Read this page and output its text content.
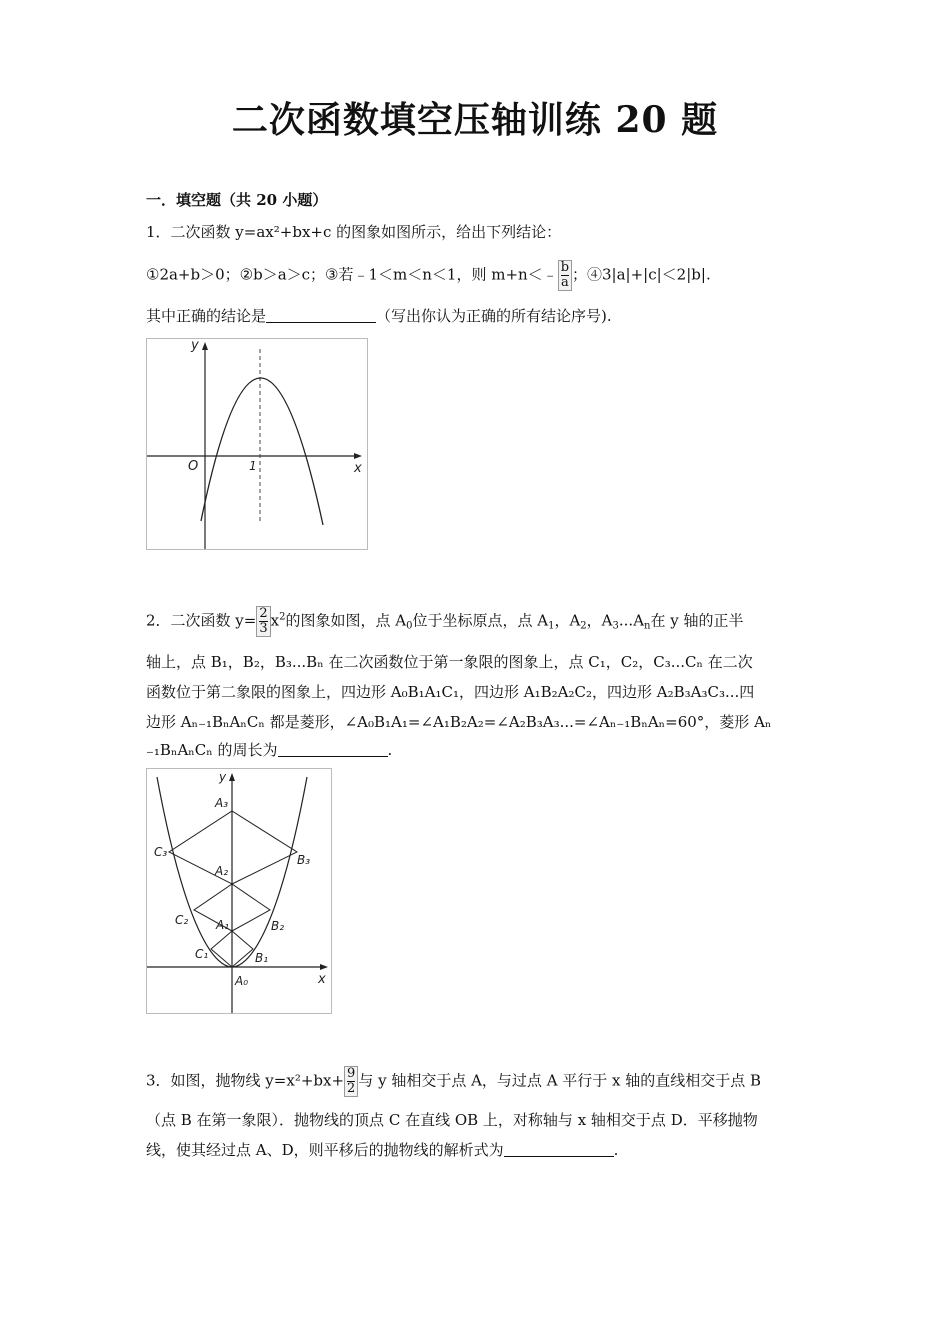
二次函数填空压轴训练 20 题
一．填空题（共 20 小题）
1．二次函数 y=ax²+bx+c 的图象如图所示，给出下列结论：
①2a+b＞0；②b＞a＞c；③若﹣1＜m＜n＜1，则 m+n＜﹣ $\frac{b}{a}$ ；④3|a|+|c|＜2|b|.
其中正确的结论是	（写出你认为正确的所有结论序号).
y
x
O	1
2．二次函数 $y= \frac{2}{3} x^2$的图象如图，点 $A_0$位于坐标原点，点 $A_1$，$A_2$，$A_3...A_n$在 y 轴的正半
轴上，点 B₁，B₂，B₃...Bₙ 在二次函数位于第一象限的图象上，点 C₁，C₂，C₃...Cₙ 在二次
函数位于第二象限的图象上，四边形 A₀B₁A₁C₁，四边形 A₁B₂A₂C₂，四边形 A₂B₃A₃C₃...四
边形 Aₙ₋₁BₙAₙCₙ 都是菱形，∠A₀B₁A₁=∠A₁B₂A₂=∠A₂B₃A₃...=∠Aₙ₋₁BₙAₙ=60°，菱形 Aₙ
₋₁BₙAₙCₙ 的周长为	.
y
x
A₀
A₁
A₂
A₃
B₁
B₂
B₃
C₁
C₂
C₃
3．如图，抛物线 $y=x^2+bx+ \frac{9}{2}$ 与 y 轴相交于点 A，与过点 A 平行于 x 轴的直线相交于点 B
（点 B 在第一象限）．抛物线的顶点 C 在直线 OB 上，对称轴与 x 轴相交于点 D．平移抛物
线，使其经过点 A、D，则平移后的抛物线的解析式为	.
